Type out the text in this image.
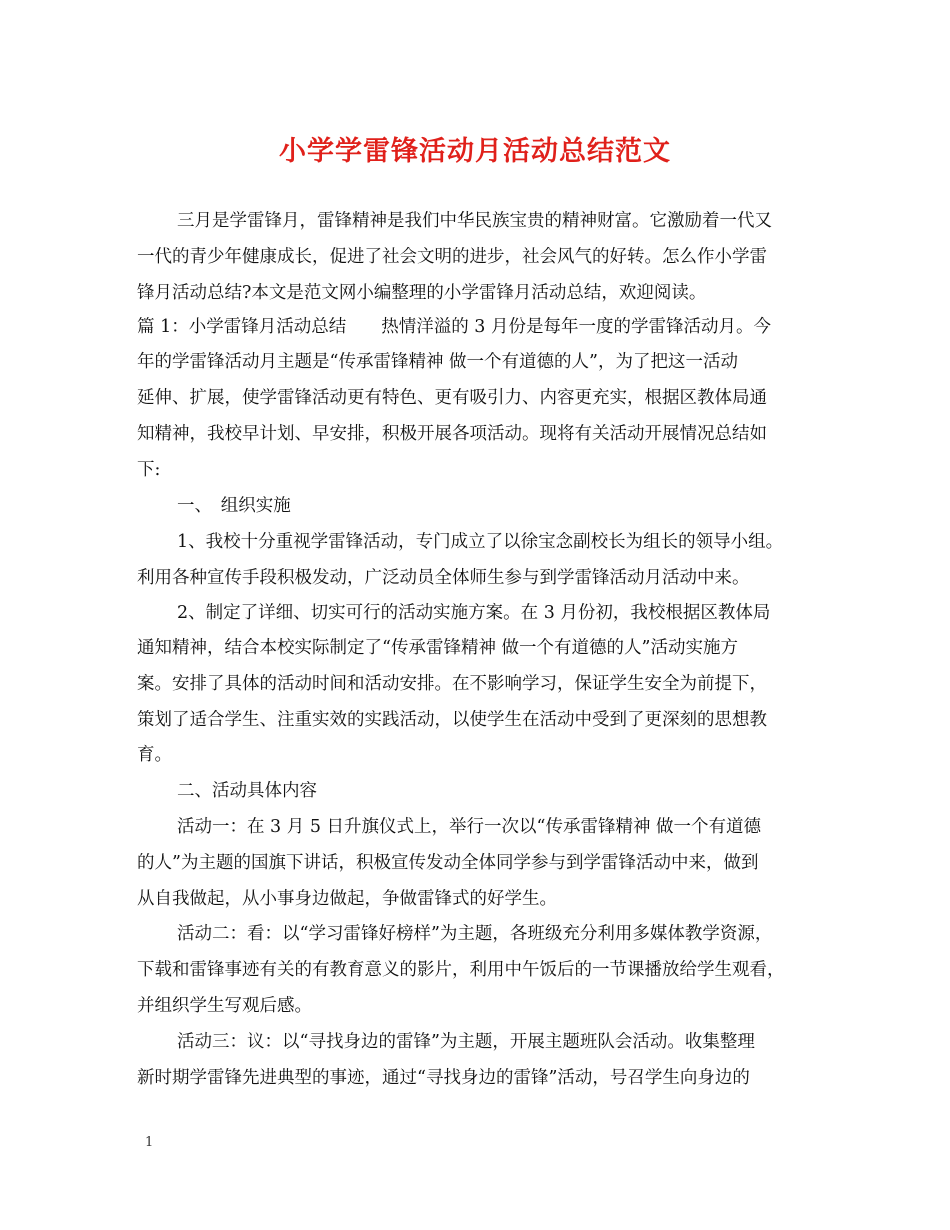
小学学雷锋活动月活动总结范文

三月是学雷锋月，雷锋精神是我们中华民族宝贵的精神财富。它激励着一代又

一代的青少年健康成长，促进了社会文明的进步，社会风气的好转。怎么作小学雷

锋月活动总结?本文是范文网小编整理的小学雷锋月活动总结，欢迎阅读。

篇 1：小学雷锋月活动总结　　热情洋溢的 3 月份是每年一度的学雷锋活动月。今

年的学雷锋活动月主题是“传承雷锋精神 做一个有道德的人”，为了把这一活动

延伸、扩展，使学雷锋活动更有特色、更有吸引力、内容更充实，根据区教体局通

知精神，我校早计划、早安排，积极开展各项活动。现将有关活动开展情况总结如

下:

一、　组织实施

1、我校十分重视学雷锋活动，专门成立了以徐宝念副校长为组长的领导小组。

利用各种宣传手段积极发动，广泛动员全体师生参与到学雷锋活动月活动中来。

2、制定了详细、切实可行的活动实施方案。在 3 月份初，我校根据区教体局

通知精神，结合本校实际制定了“传承雷锋精神 做一个有道德的人”活动实施方

案。安排了具体的活动时间和活动安排。在不影响学习，保证学生安全为前提下，

策划了适合学生、注重实效的实践活动，以使学生在活动中受到了更深刻的思想教

育。

二、活动具体内容

活动一：在 3 月 5 日升旗仪式上，举行一次以“传承雷锋精神 做一个有道德

的人”为主题的国旗下讲话，积极宣传发动全体同学参与到学雷锋活动中来，做到

从自我做起，从小事身边做起，争做雷锋式的好学生。

活动二：看：以“学习雷锋好榜样”为主题，各班级充分利用多媒体教学资源，

下载和雷锋事迹有关的有教育意义的影片，利用中午饭后的一节课播放给学生观看，

并组织学生写观后感。

活动三：议：以“寻找身边的雷锋”为主题，开展主题班队会活动。收集整理

新时期学雷锋先进典型的事迹，通过“寻找身边的雷锋”活动，号召学生向身边的

1
